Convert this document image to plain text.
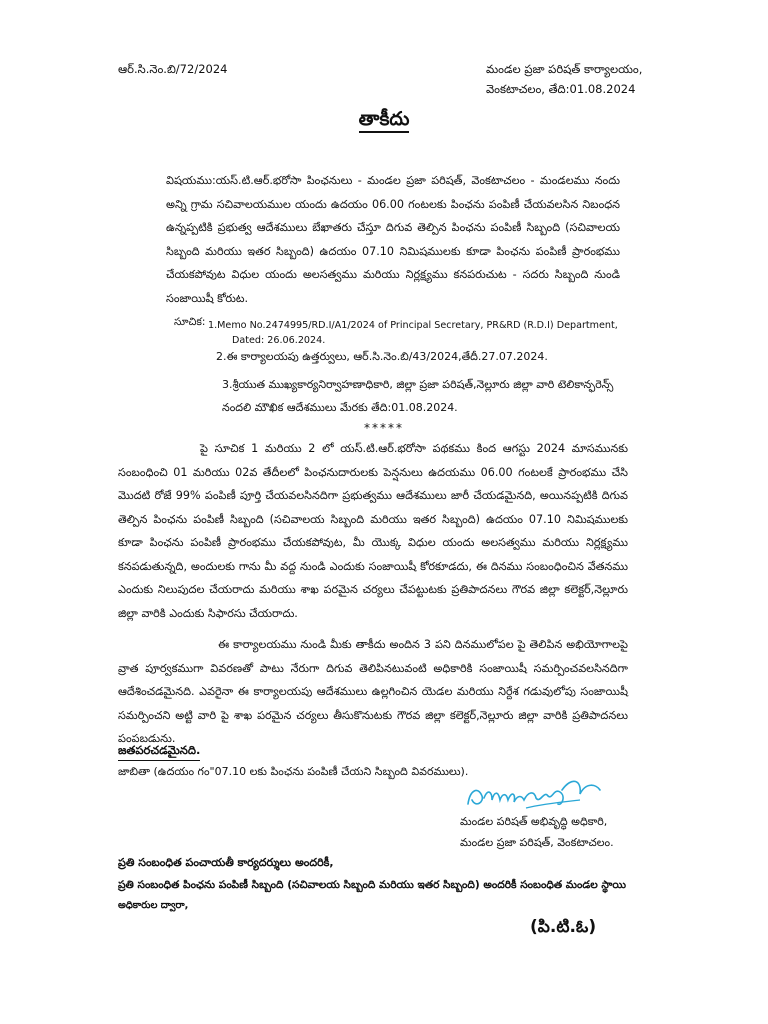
ఆర్.సి.నెం.బి/72/2024	మండల ప్రజా పరిషత్ కార్యాలయం,
వెంకటాచలం, తేది:01.08.2024
తాకీదు
విషయము:యస్.టి.ఆర్.భరోసా పింఛనులు - మండల ప్రజా పరిషత్, వెంకటాచలం - మండలము నందు అన్ని గ్రామ సచివాలయముల యందు ఉదయం 06.00 గంటలకు పింఛను పంపిణీ చేయవలసిన నిబంధన ఉన్నప్పటికి ప్రభుత్వ ఆదేశములు బేఖాతరు చేస్తూ దిగువ తెల్పిన పింఛను పంపిణీ సిబ్బంది (సచివాలయ సిబ్బంది మరియు ఇతర సిబ్బంది) ఉదయం 07.10 నిమిషములకు కూడా పింఛను పంపిణీ ప్రారంభము చేయకపోవుట విధుల యందు అలసత్వము మరియు నిర్లక్ష్యము కనపరుచుట - సదరు సిబ్బంది నుండి సంజాయిషీ కోరుట.
సూచిక: 1.Memo No.2474995/RD.I/A1/2024 of Principal Secretary, PR&RD (R.D.I) Department,
Dated: 26.06.2024.
2.ఈ కార్యాలయపు ఉత్తర్వులు, ఆర్.సి.నెం.బి/43/2024,తేదీ.27.07.2024.
3.శ్రీయుత ముఖ్యకార్యనిర్వాహణాధికారి, జిల్లా ప్రజా పరిషత్,నెల్లూరు జిల్లా వారి టెలికాన్ఫరెన్స్ నందలి మౌఖిక ఆదేశములు మేరకు తేది:01.08.2024.
*****
పై సూచిక 1 మరియు 2 లో యస్.టి.ఆర్.భరోసా పథకము కింద ఆగస్టు 2024 మాసమునకు సంబంధించి 01 మరియు 02వ తేదీలలో పింఛనుదారులకు పెన్షనులు ఉదయము 06.00 గంటలకే ప్రారంభము చేసి మొదటి రోజే 99% పంపిణీ పూర్తి చేయవలసినదిగా ప్రభుత్వము ఆదేశములు జారీ చేయడమైనది, అయినప్పటికి దిగువ తెల్పిన పింఛను పంపిణీ సిబ్బంది (సచివాలయ సిబ్బంది మరియు ఇతర సిబ్బంది) ఉదయం 07.10 నిమిషములకు కూడా పింఛను పంపిణీ ప్రారంభము చేయకపోవుట, మీ యొక్క విధుల యందు అలసత్వము మరియు నిర్లక్ష్యము కనపడుతున్నది, అందులకు గాను మీ వద్ద నుండి ఎందుకు సంజాయిషీ కోరకూడదు, ఈ దినము సంబంధించిన వేతనము ఎందుకు నిలుపుదల చేయరాదు మరియు శాఖ పరమైన చర్యలు చేపట్టుటకు ప్రతిపాదనలు గౌరవ జిల్లా కలెక్టర్,నెల్లూరు జిల్లా వారికి ఎందుకు సిఫారసు చేయరాదు.
ఈ కార్యాలయము నుండి మీకు తాకీదు అందిన 3 పని దినములోపల పై తెలిపిన అభియోగాలపై వ్రాత పూర్వకముగా వివరణతో పాటు నేరుగా దిగువ తెలిపినటువంటి అధికారికి సంజాయిషీ సమర్పించవలసినదిగా ఆదేశించడమైనది. ఎవరైనా ఈ కార్యాలయపు ఆదేశములు ఉల్లగించిన యెడల మరియు నిర్దేశ గడువులోపు సంజాయిషీ సమర్పించని అట్టి వారి పై శాఖ పరమైన చర్యలు తీసుకొనుటకు గౌరవ జిల్లా కలెక్టర్,నెల్లూరు జిల్లా వారికి ప్రతిపాదనలు పంపబడును.
జతపరచడమైనది.
జాబితా (ఉదయం గం"07.10 లకు పింఛను పంపిణీ చేయని సిబ్బంది వివరములు).
మండల పరిషత్ అభివృద్ధి అధికారి,
మండల ప్రజా పరిషత్, వెంకటాచలం.
ప్రతి సంబంధిత పంచాయతీ కార్యదర్శులు అందరికీ,
ప్రతి సంబంధిత పింఛను పంపిణీ సిబ్బంది (సచివాలయ సిబ్బంది మరియు ఇతర సిబ్బంది) అందరికీ సంబంధిత మండల స్థాయి
అధికారుల ద్వారా,
(పి.టి.ఓ)
